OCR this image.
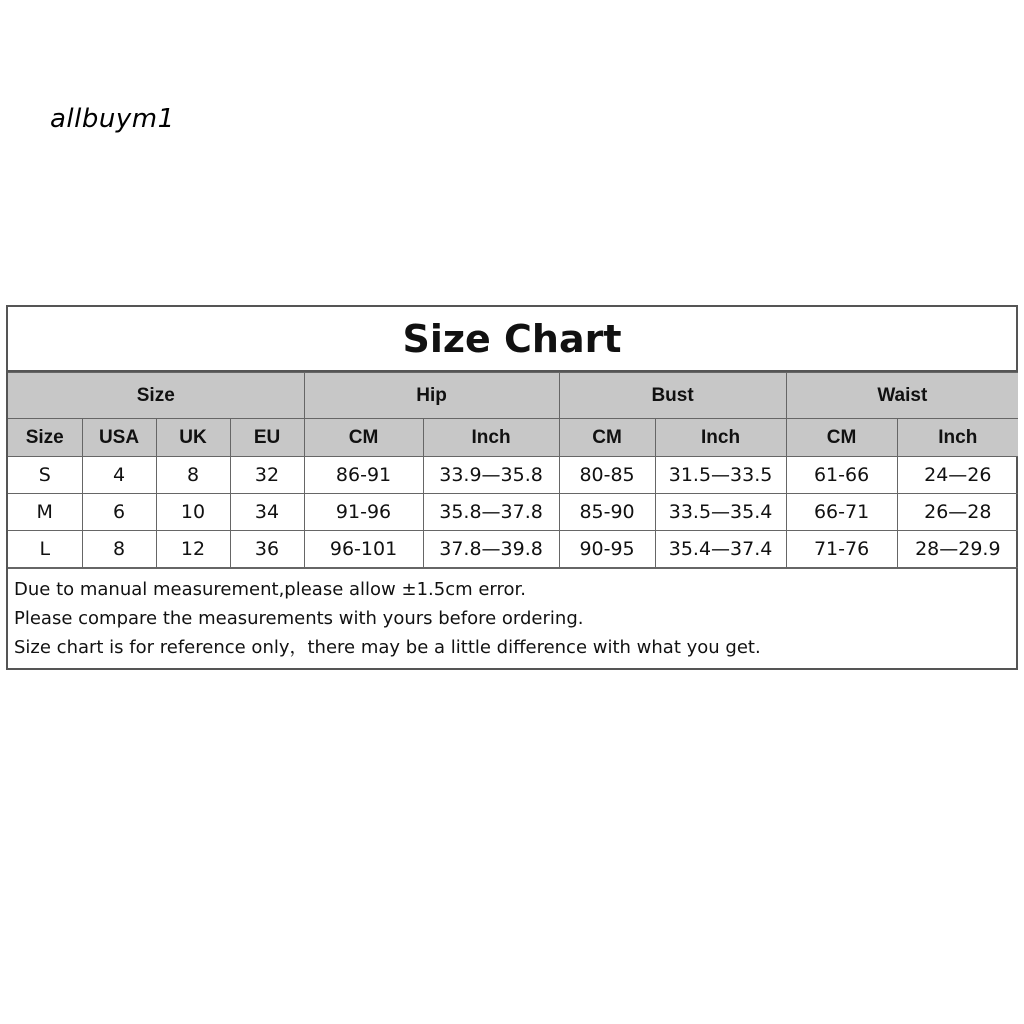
allbuym1
Size Chart
Size				Hip		Bust		Waist	
Size	USA	UK	EU	CM	Inch	CM	Inch	CM	Inch
S	4	8	32	86-91	33.9—35.8	80-85	31.5—33.5	61-66	24—26
M	6	10	34	91-96	35.8—37.8	85-90	33.5—35.4	66-71	26—28
L	8	12	36	96-101	37.8—39.8	90-95	35.4—37.4	71-76	28—29.9
Due to manual measurement,please allow ±1.5cm error.
Please compare the measurements with yours before ordering.
Size chart is for reference only，there may be a little difference with what you get.
